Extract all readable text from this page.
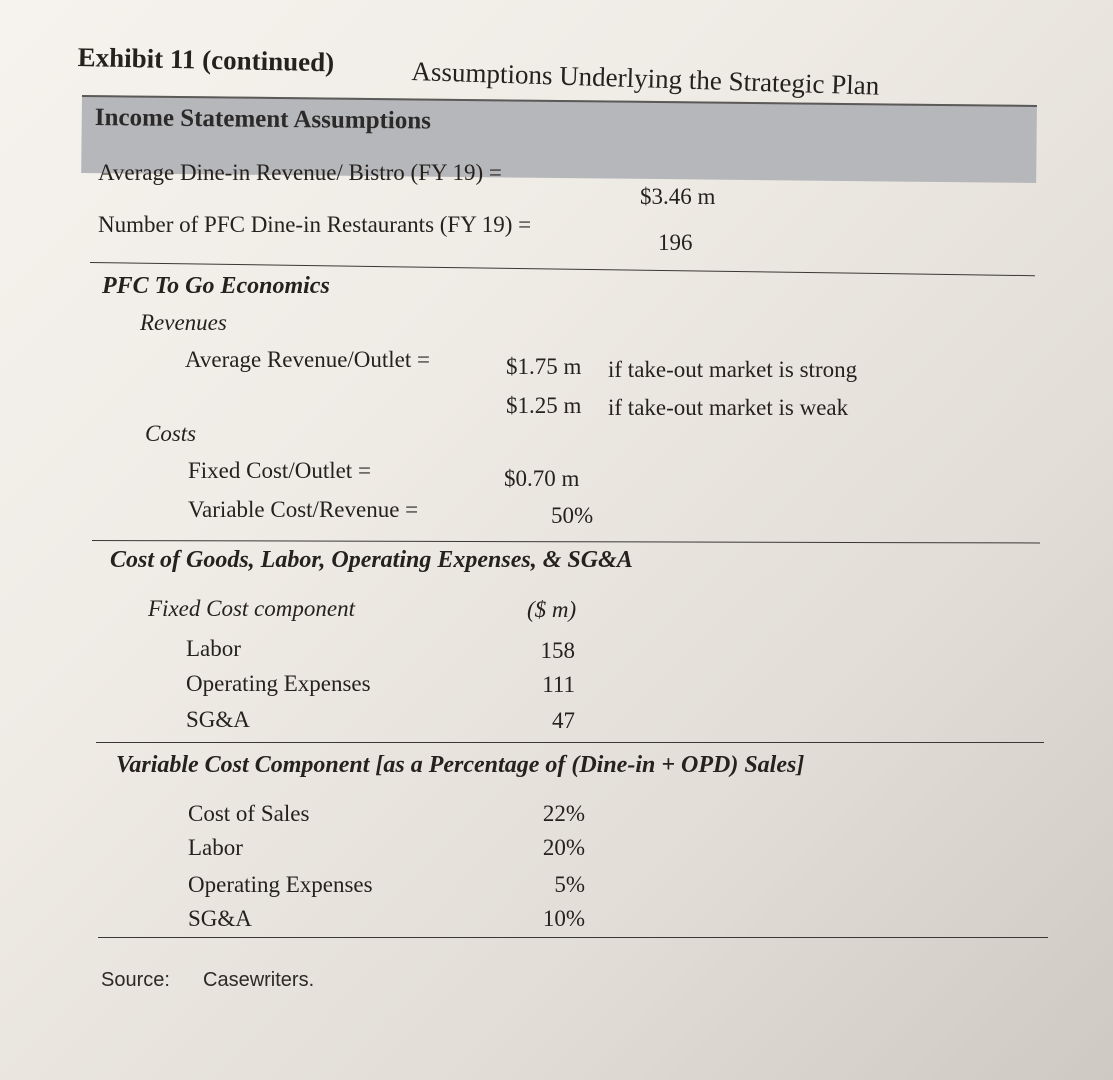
Exhibit 11 (continued)	Assumptions Underlying the Strategic Plan
Income Statement Assumptions
Average Dine-in Revenue/ Bistro (FY 19) =
$3.46 m
Number of PFC Dine-in Restaurants (FY 19) =
196
PFC To Go Economics
Revenues
Average Revenue/Outlet =	$1.75 m if take-out market is strong
$1.25 m if take-out market is weak
Costs
Fixed Cost/Outlet =	$0.70 m
Variable Cost/Revenue =	50%
Cost of Goods, Labor, Operating Expenses, & SG&A
Fixed Cost component	($ m)
Labor	158
Operating Expenses	111
SG&A	47
Variable Cost Component [as a Percentage of (Dine-in + OPD) Sales]
Cost of Sales	22%
Labor	20%
Operating Expenses	5%
SG&A	10%
Source: Casewriters.
